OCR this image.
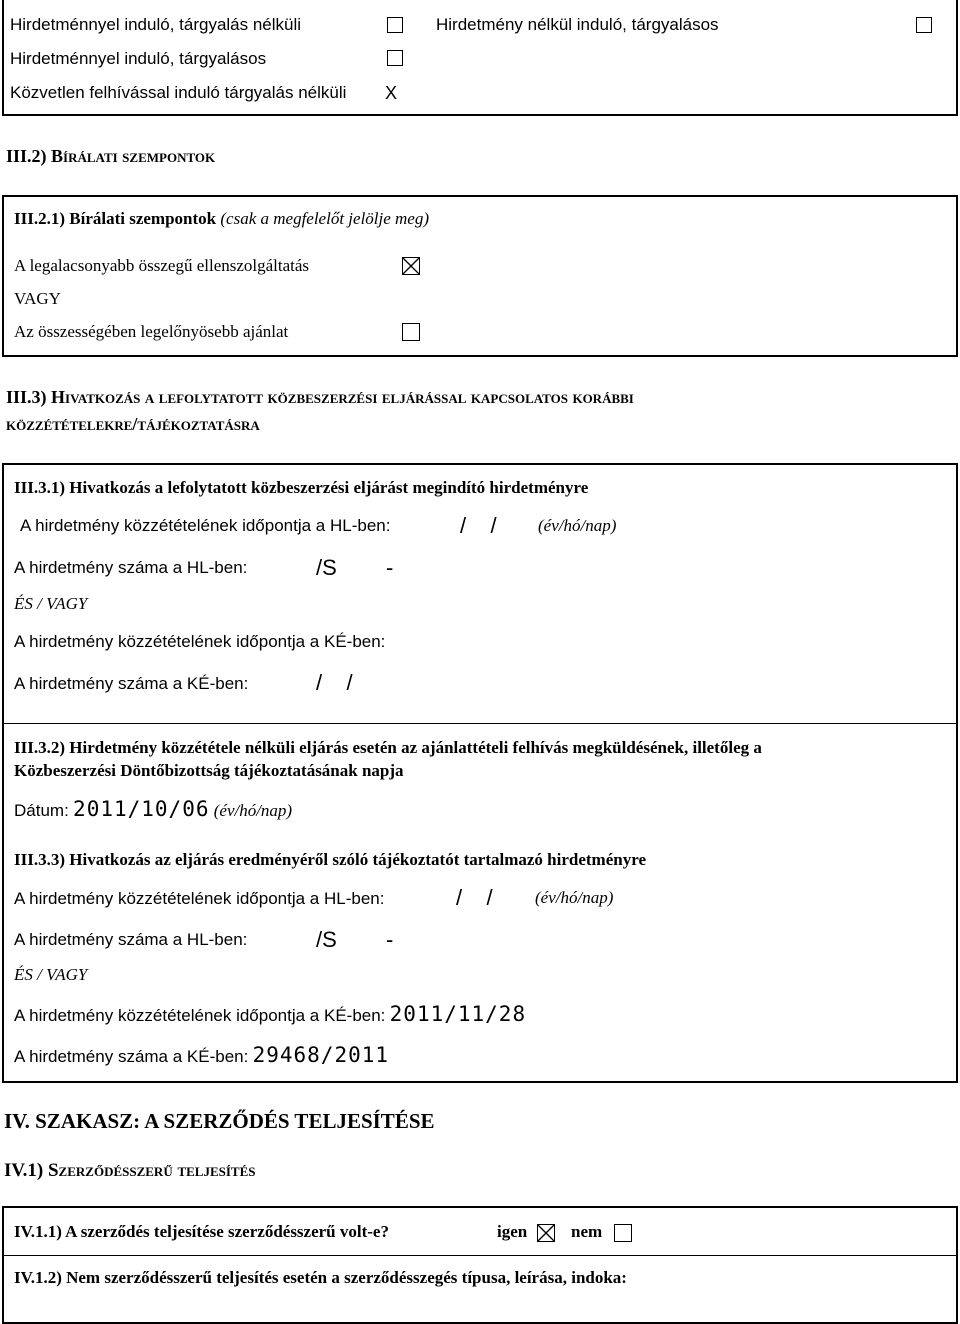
Hirdetménnyel induló, tárgyalás nélküli	Hirdetmény nélkül induló, tárgyalásos
Hirdetménnyel induló, tárgyalásos
Közvetlen felhívással induló tárgyalás nélküli X
III.2) Bírálati szempontok
III.2.1) Bírálati szempontok (csak a megfelelőt jelölje meg)
A legalacsonyabb összegű ellenszolgáltatás
VAGY
Az összességében legelőnyösebb ajánlat
III.3) Hivatkozás a lefolytatott közbeszerzési eljárással kapcsolatos korábbi
közzétételekre/tájékoztatásra
III.3.1) Hivatkozás a lefolytatott közbeszerzési eljárást megindító hirdetményre
A hirdetmény közzétételének időpontja a HL-ben:	/    / (év/hó/nap)
A hirdetmény száma a HL-ben:	/S -
ÉS / VAGY
A hirdetmény közzétételének időpontja a KÉ-ben:
A hirdetmény száma a KÉ-ben:	/    /
III.3.2) Hirdetmény közzététele nélküli eljárás esetén az ajánlattételi felhívás megküldésének, illetőleg a
Közbeszerzési Döntőbizottság tájékoztatásának napja
Dátum: 2011/10/06 (év/hó/nap)
III.3.3) Hivatkozás az eljárás eredményéről szóló tájékoztatót tartalmazó hirdetményre
A hirdetmény közzétételének időpontja a HL-ben:	/    / (év/hó/nap)
A hirdetmény száma a HL-ben:	/S -
ÉS / VAGY
A hirdetmény közzétételének időpontja a KÉ-ben: 2011/11/28
A hirdetmény száma a KÉ-ben: 29468/2011
IV. SZAKASZ: A SZERZŐDÉS TELJESÍTÉSE
IV.1) Szerződésszerű teljesítés
IV.1.1) A szerződés teljesítése szerződésszerű volt-e?	igen	nem
IV.1.2) Nem szerződésszerű teljesítés esetén a szerződésszegés típusa, leírása, indoka:
